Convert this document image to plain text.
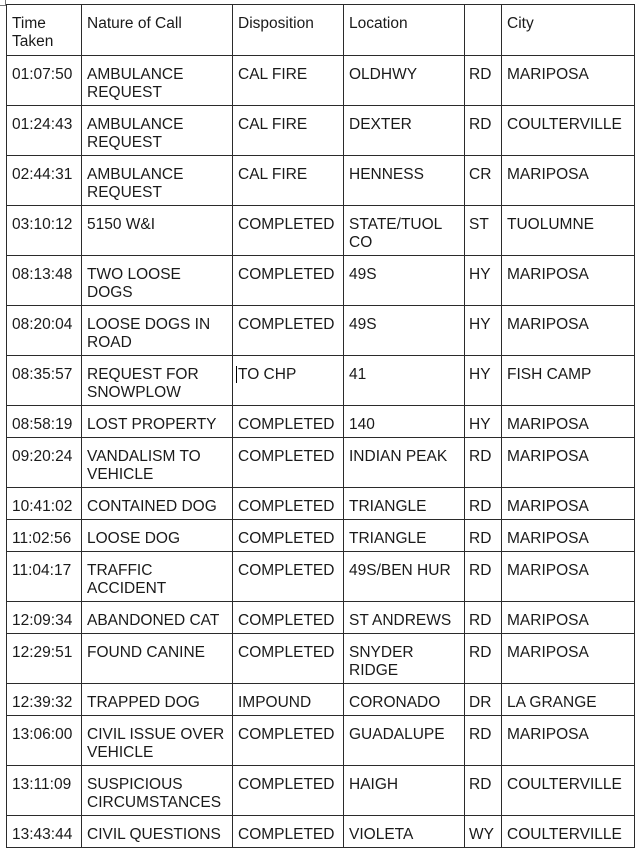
Time Taken	Nature of Call	Disposition	Location		City
01:07:50	AMBULANCE REQUEST	CAL FIRE	OLDHWY	RD	MARIPOSA
01:24:43	AMBULANCE REQUEST	CAL FIRE	DEXTER	RD	COULTERVILLE
02:44:31	AMBULANCE REQUEST	CAL FIRE	HENNESS	CR	MARIPOSA
03:10:12	5150 W&I	COMPLETED	STATE/TUOL CO	ST	TUOLUMNE
08:13:48	TWO LOOSE DOGS	COMPLETED	49S	HY	MARIPOSA
08:20:04	LOOSE DOGS IN ROAD	COMPLETED	49S	HY	MARIPOSA
08:35:57	REQUEST FOR SNOWPLOW	TO CHP	41	HY	FISH CAMP
08:58:19	LOST PROPERTY	COMPLETED	140	HY	MARIPOSA
09:20:24	VANDALISM TO VEHICLE	COMPLETED	INDIAN PEAK	RD	MARIPOSA
10:41:02	CONTAINED DOG	COMPLETED	TRIANGLE	RD	MARIPOSA
11:02:56	LOOSE DOG	COMPLETED	TRIANGLE	RD	MARIPOSA
11:04:17	TRAFFIC ACCIDENT	COMPLETED	49S/BEN HUR	RD	MARIPOSA
12:09:34	ABANDONED CAT	COMPLETED	ST ANDREWS	RD	MARIPOSA
12:29:51	FOUND CANINE	COMPLETED	SNYDER RIDGE	RD	MARIPOSA
12:39:32	TRAPPED DOG	IMPOUND	CORONADO	DR	LA GRANGE
13:06:00	CIVIL ISSUE OVER VEHICLE	COMPLETED	GUADALUPE	RD	MARIPOSA
13:11:09	SUSPICIOUS CIRCUMSTANCES	COMPLETED	HAIGH	RD	COULTERVILLE
13:43:44	CIVIL QUESTIONS	COMPLETED	VIOLETA	WY	COULTERVILLE
